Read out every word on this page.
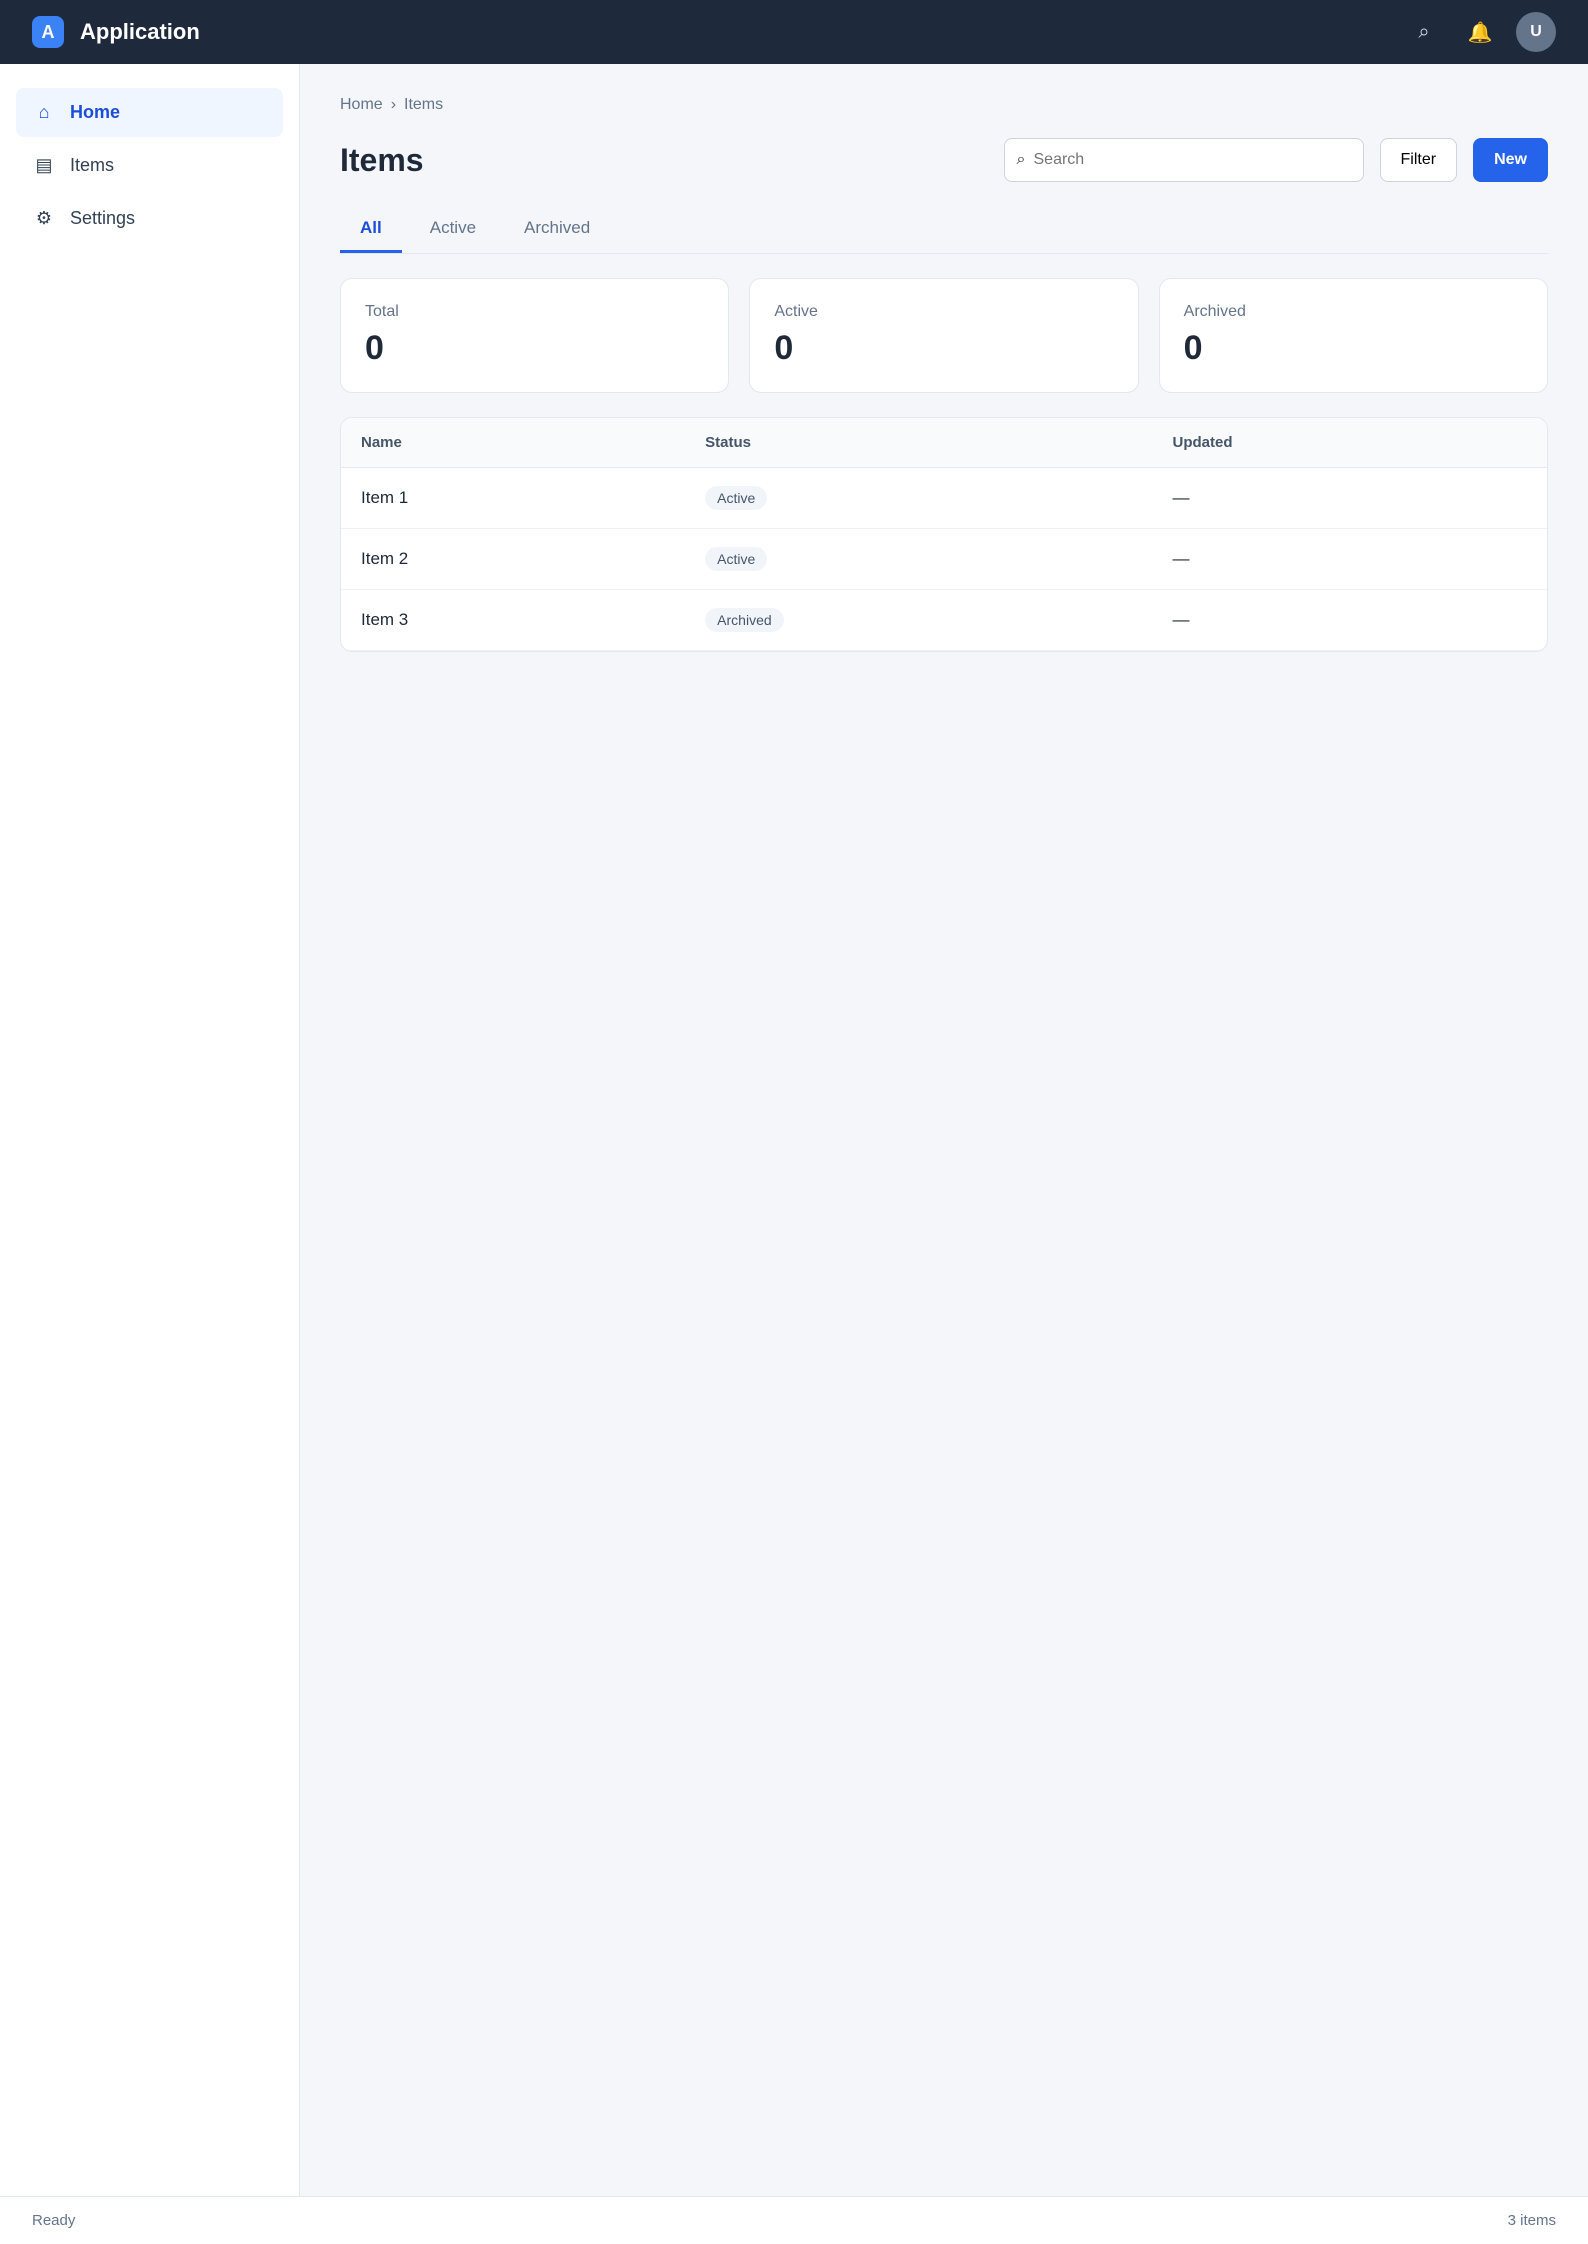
A	Application	⌕	🔔	U
⌂	Home
▤ Items
⚙ Settings
Home › Items
Items	⌕
Search	Filter	New
All	Active	Archived
Total
0
Active
0
Archived
0
Name	Status	Updated
Item 1	Active	—
Item 2	Active	—
Item 3	Archived	—
Ready	3 items
